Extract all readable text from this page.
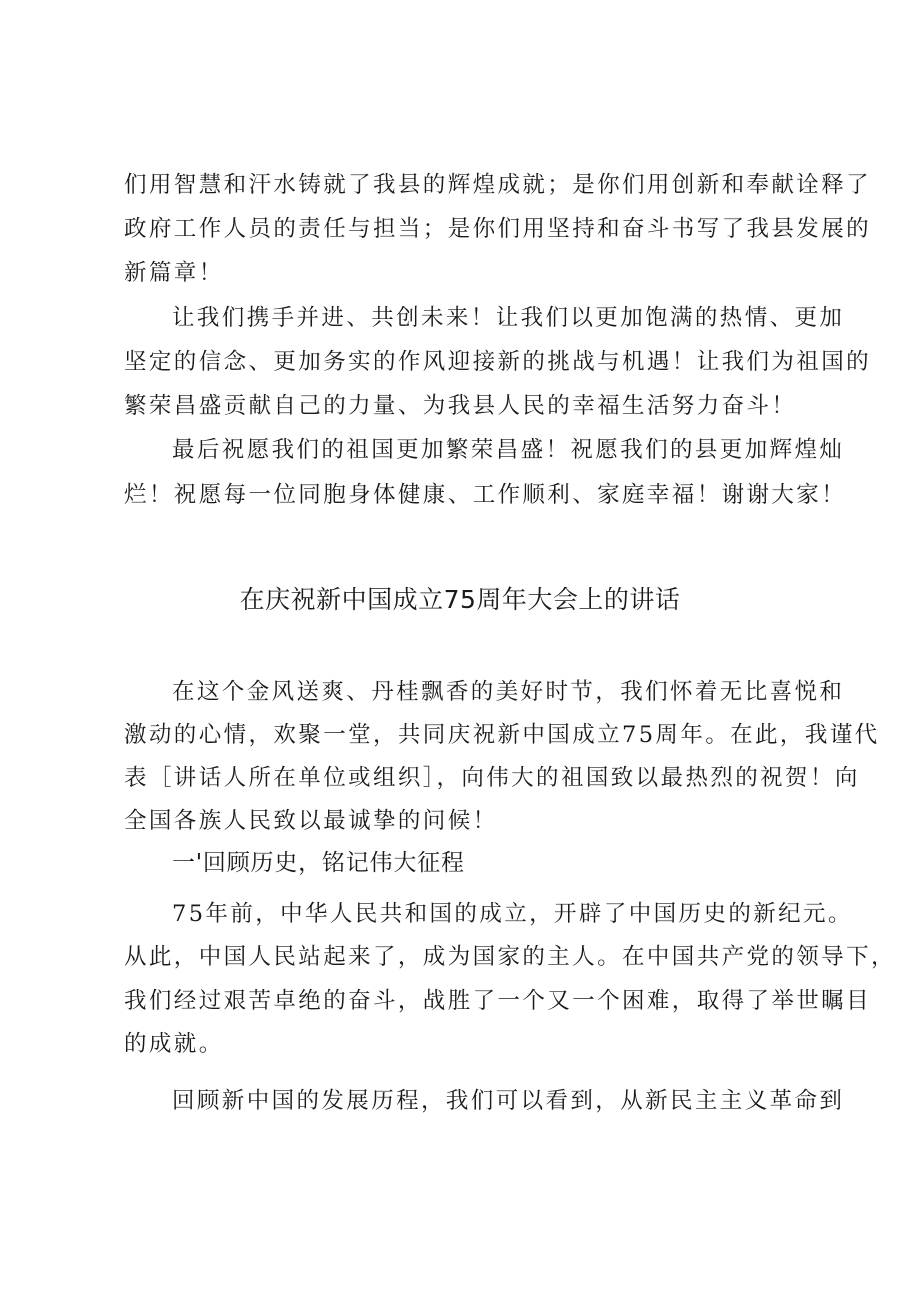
们用智慧和汗水铸就了我县的辉煌成就；是你们用创新和奉献诠释了
政府工作人员的责任与担当；是你们用坚持和奋斗书写了我县发展的
新篇章！
让我们携手并进、共创未来！让我们以更加饱满的热情、更加
坚定的信念、更加务实的作风迎接新的挑战与机遇！让我们为祖国的
繁荣昌盛贡献自己的力量、为我县人民的幸福生活努力奋斗！
最后祝愿我们的祖国更加繁荣昌盛！祝愿我们的县更加辉煌灿
烂！祝愿每一位同胞身体健康、工作顺利、家庭幸福！谢谢大家！
在庆祝新中国成立75周年大会上的讲话
在这个金风送爽、丹桂飘香的美好时节，我们怀着无比喜悦和
激动的心情，欢聚一堂，共同庆祝新中国成立75周年。在此，我谨代
表［讲话人所在单位或组织］，向伟大的祖国致以最热烈的祝贺！向
全国各族人民致以最诚挚的问候！
一'回顾历史，铭记伟大征程
75年前，中华人民共和国的成立，开辟了中国历史的新纪元。
从此，中国人民站起来了，成为国家的主人。在中国共产党的领导下，
我们经过艰苦卓绝的奋斗，战胜了一个又一个困难，取得了举世瞩目
的成就。
回顾新中国的发展历程，我们可以看到，从新民主主义革命到
